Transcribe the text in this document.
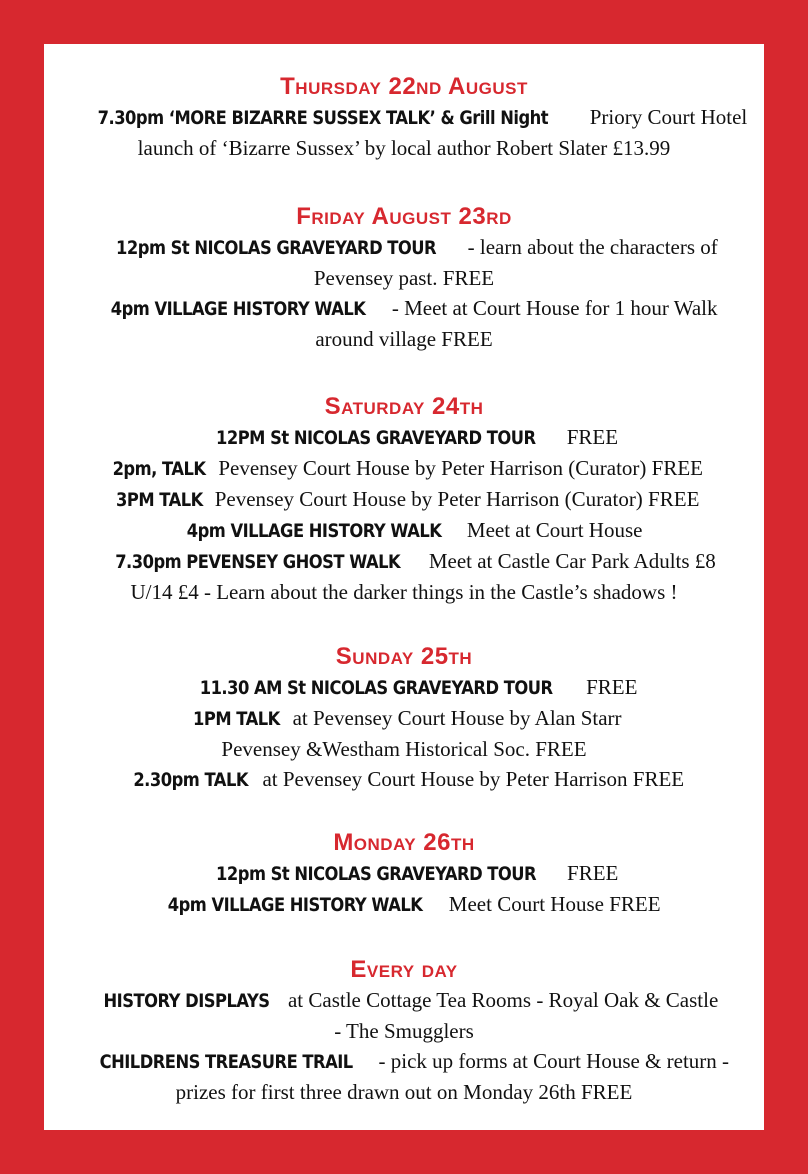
Thursday 22nd August
7.30pm ‘MORE BIZARRE SUSSEX TALK’ & Grill Night Priory Court Hotel
launch of ‘Bizarre Sussex’ by local author Robert Slater £13.99
Friday August 23rd
12pm St NICOLAS GRAVEYARD TOUR - learn about the characters of
Pevensey past. FREE
4pm VILLAGE HISTORY WALK - Meet at Court House for 1 hour Walk
around village FREE
Saturday 24th
12PM St NICOLAS GRAVEYARD TOUR FREE
2pm, TALK Pevensey Court House by Peter Harrison (Curator) FREE
3PM TALK Pevensey Court House by Peter Harrison (Curator) FREE
4pm VILLAGE HISTORY WALK Meet at Court House
7.30pm PEVENSEY GHOST WALK Meet at Castle Car Park Adults £8
U/14 £4 - Learn about the darker things in the Castle’s shadows !
Sunday 25th
11.30 AM St NICOLAS GRAVEYARD TOUR FREE
1PM TALK at Pevensey Court House by Alan Starr
Pevensey &Westham Historical Soc. FREE
2.30pm TALK at Pevensey Court House by Peter Harrison FREE
Monday 26th
12pm St NICOLAS GRAVEYARD TOUR FREE
4pm VILLAGE HISTORY WALK Meet Court House FREE
Every day
HISTORY DISPLAYS at Castle Cottage Tea Rooms - Royal Oak & Castle
- The Smugglers
CHILDRENS TREASURE TRAIL - pick up forms at Court House & return -
prizes for first three drawn out on Monday 26th FREE
